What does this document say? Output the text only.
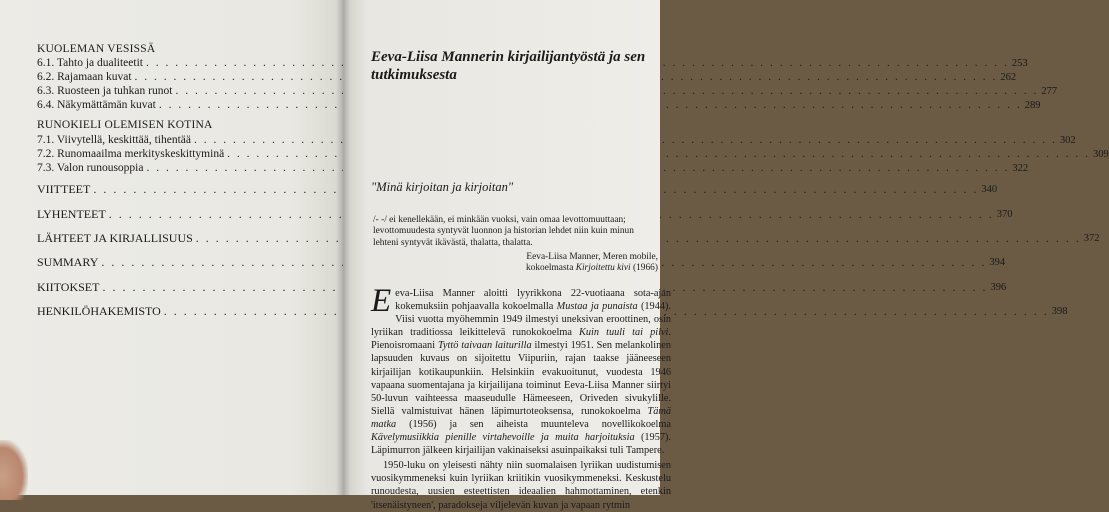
KUOLEMAN VESISSÄ
6.1. Tahto ja dualiteetit . . .	253
6.2. Rajamaan kuvat . . .	262
6.3. Ruosteen ja tuhkan runot . . .	277
6.4. Näkymättämän kuvat . . .	289
RUNOKIELI OLEMISEN KOTINA
7.1. Viivytellä, keskittää, tihentää . . .	302
7.2. Runomaailma merkityskeskittyminä . . .	309
7.3. Valon runousoppia . . .	322
VIITTEET . . .	340
LYHENTEET . . .	370
LÄHTEET JA KIRJALLISUUS . . .	372
SUMMARY . . .	394
KIITOKSET . . .	396
HENKILÖHAKEMISTO . . .	398
Eeva-Liisa Mannerin kirjailijantyöstä ja sen tutkimuksesta
"Minä kirjoitan ja kirjoitan"
/- -/ ei kenellekään, ei minkään vuoksi, vain omaa levottomuuttaan; levottomuudesta syntyvät luonnon ja historian lehdet niin kuin minun lehteni syntyvät ikävästä, thalatta, thalatta.
Eeva-Liisa Manner, Meren mobile,
kokoelmasta Kirjoitettu kivi (1966)

Eeva-Liisa Manner aloitti lyyrikkona 22-vuotiaana sota-ajan kokemuksiin pohjaavalla kokoelmalla Mustaa ja punaista (1944). Viisi vuotta myöhemmin 1949 ilmestyi uneksivan eroottinen, osin lyriikan traditiossa leikittelevä runokokoelma Kuin tuuli tai pilvi. Pienoisromaani Tyttö taivaan laiturilla ilmestyi 1951. Sen melankolinen lapsuuden kuvaus on sijoitettu Viipuriin, rajan taakse jääneeseen kirjailijan kotikaupunkiin. Helsinkiin evakuoitunut, vuodesta 1946 vapaana suomentajana ja kirjailijana toiminut Eeva-Liisa Manner siirtyi 50-luvun vaihteessa maaseudulle Hämeeseen, Oriveden sivukylille. Siellä valmistuivat hänen läpimurtoteoksensa, runokokoelma Tämä matka (1956) ja sen aiheista muunteleva novellikokoelma Kävelymusiikkia pienille virtahevoille ja muita harjoituksia (1957). Läpimurron jälkeen kirjailijan vakinaiseksi asuinpaikaksi tuli Tampere.

1950-luku on yleisesti nähty niin suomalaisen lyriikan uudistumisen vuosikymmeneksi kuin lyriikan kriitikin vuosikymmeneksi. Keskustelu runoudesta, uusien esteettisten ideaalien hahmottaminen, etenkin 'itsenäistyneen', paradokseja viljelevän kuvan ja vapaan rytmin
